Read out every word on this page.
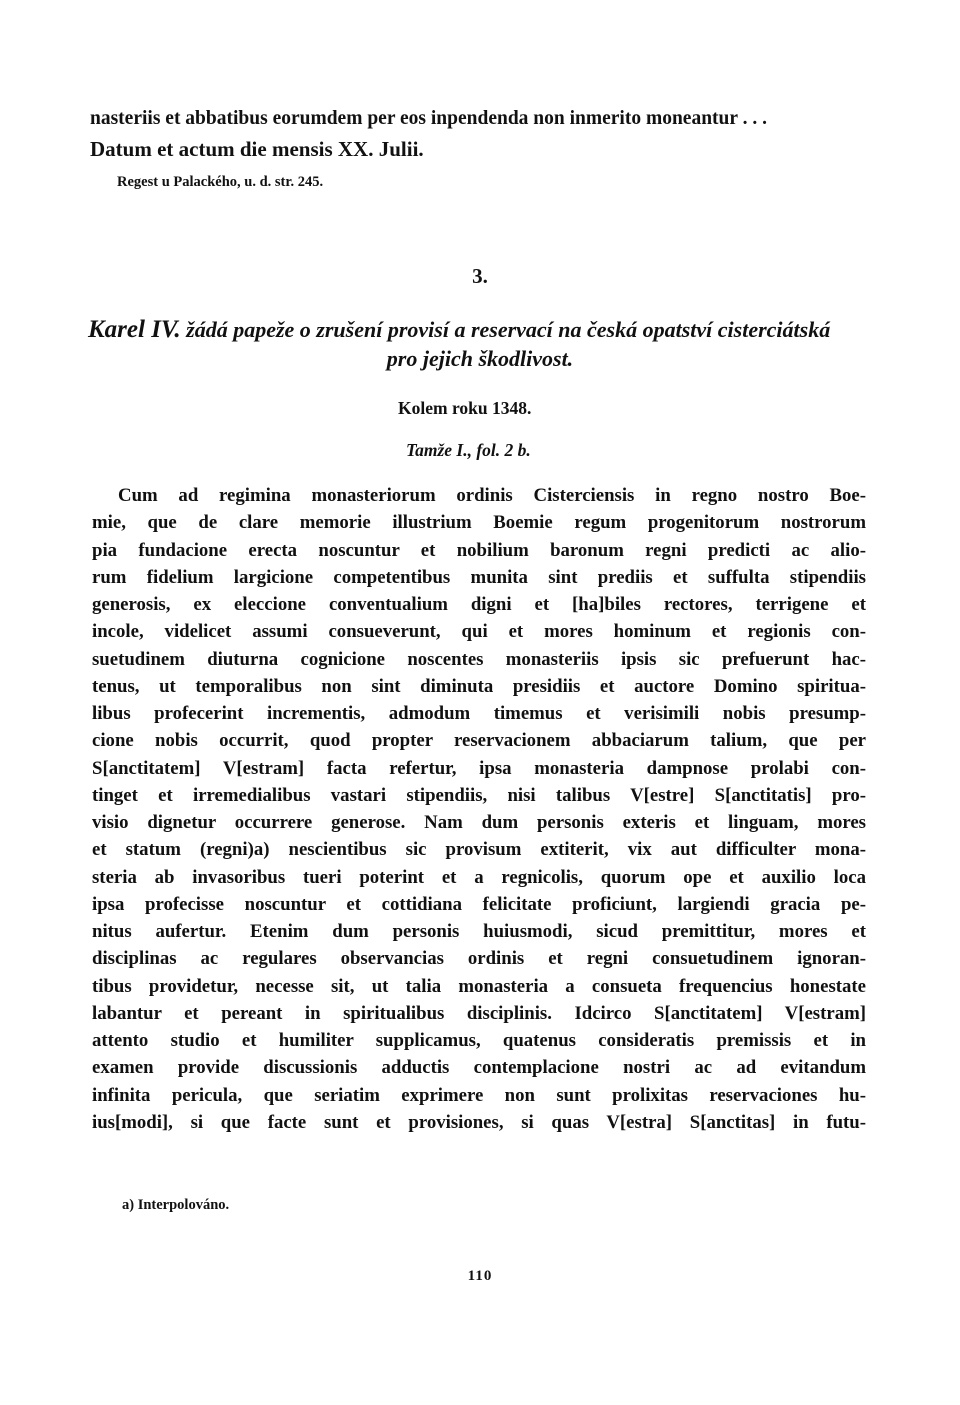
nasteriis et abbatibus eorumdem per eos inpendenda non inmerito moneantur . . .
Datum et actum die mensis XX. Julii.
Regest u Palackého, u. d. str. 245.
3.
Karel IV. žádá papeže o zrušení provisí a reservací na česká opatství cisterciátská
pro jejich škodlivost.
Kolem roku 1348.
Tamže I., fol. 2 b.
Cum ad regimina monasteriorum ordinis Cisterciensis in regno nostro Boe-
mie, que de clare memorie illustrium Boemie regum progenitorum nostrorum
pia fundacione erecta noscuntur et nobilium baronum regni predicti ac alio-
rum fidelium largicione competentibus munita sint prediis et suffulta stipendiis
generosis, ex eleccione conventualium digni et [ha]biles rectores, terrigene et
incole, videlicet assumi consueverunt, qui et mores hominum et regionis con-
suetudinem diuturna cognicione noscentes monasteriis ipsis sic prefuerunt hac-
tenus, ut temporalibus non sint diminuta presidiis et auctore Domino spiritua-
libus profecerint incrementis, admodum timemus et verisimili nobis presump-
cione nobis occurrit, quod propter reservacionem abbaciarum talium, que per
S[anctitatem] V[estram] facta refertur, ipsa monasteria dampnose prolabi con-
tinget et irremedialibus vastari stipendiis, nisi talibus V[estre] S[anctitatis] pro-
visio dignetur occurrere generose. Nam dum personis exteris et linguam, mores
et statum (regni)a) nescientibus sic provisum extiterit, vix aut difficulter mona-
steria ab invasoribus tueri poterint et a regnicolis, quorum ope et auxilio loca
ipsa profecisse noscuntur et cottidiana felicitate proficiunt, largiendi gracia pe-
nitus aufertur. Etenim dum personis huiusmodi, sicud premittitur, mores et
disciplinas ac regulares observancias ordinis et regni consuetudinem ignoran-
tibus providetur, necesse sit, ut talia monasteria a consueta frequencius honestate
labantur et pereant in spiritualibus disciplinis. Idcirco S[anctitatem] V[estram]
attento studio et humiliter supplicamus, quatenus consideratis premissis et in
examen provide discussionis adductis contemplacione nostri ac ad evitandum
infinita pericula, que seriatim exprimere non sunt prolixitas reservaciones hu-
ius[modi], si que facte sunt et provisiones, si quas V[estra] S[anctitas] in futu-
a) Interpolováno.
110
